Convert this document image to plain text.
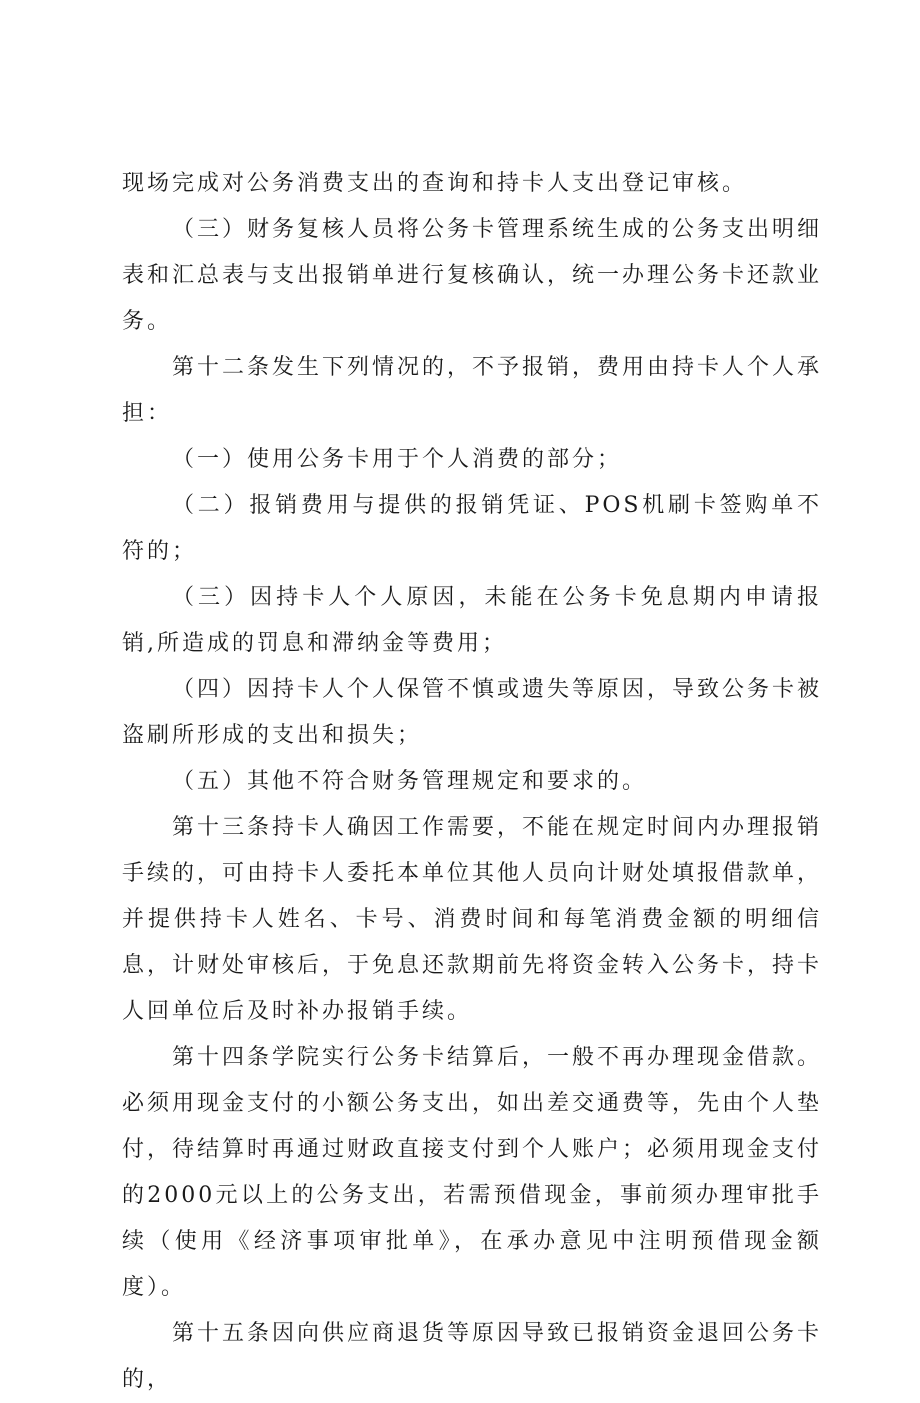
现场完成对公务消费支出的查询和持卡人支出登记审核。

（三）财务复核人员将公务卡管理系统生成的公务支出明细表和汇总表与支出报销单进行复核确认，统一办理公务卡还款业务。

第十二条发生下列情况的，不予报销，费用由持卡人个人承担：

（一）使用公务卡用于个人消费的部分；

（二）报销费用与提供的报销凭证、POS机刷卡签购单不符的；

（三）因持卡人个人原因，未能在公务卡免息期内申请报销,所造成的罚息和滞纳金等费用；

（四）因持卡人个人保管不慎或遗失等原因，导致公务卡被盗刷所形成的支出和损失；

（五）其他不符合财务管理规定和要求的。

第十三条持卡人确因工作需要，不能在规定时间内办理报销手续的，可由持卡人委托本单位其他人员向计财处填报借款单，并提供持卡人姓名、卡号、消费时间和每笔消费金额的明细信息，计财处审核后，于免息还款期前先将资金转入公务卡，持卡人回单位后及时补办报销手续。

第十四条学院实行公务卡结算后，一般不再办理现金借款。必须用现金支付的小额公务支出，如出差交通费等，先由个人垫付，待结算时再通过财政直接支付到个人账户；必须用现金支付的2000元以上的公务支出，若需预借现金，事前须办理审批手续（使用《经济事项审批单》，在承办意见中注明预借现金额度）。

第十五条因向供应商退货等原因导致已报销资金退回公务卡的，
